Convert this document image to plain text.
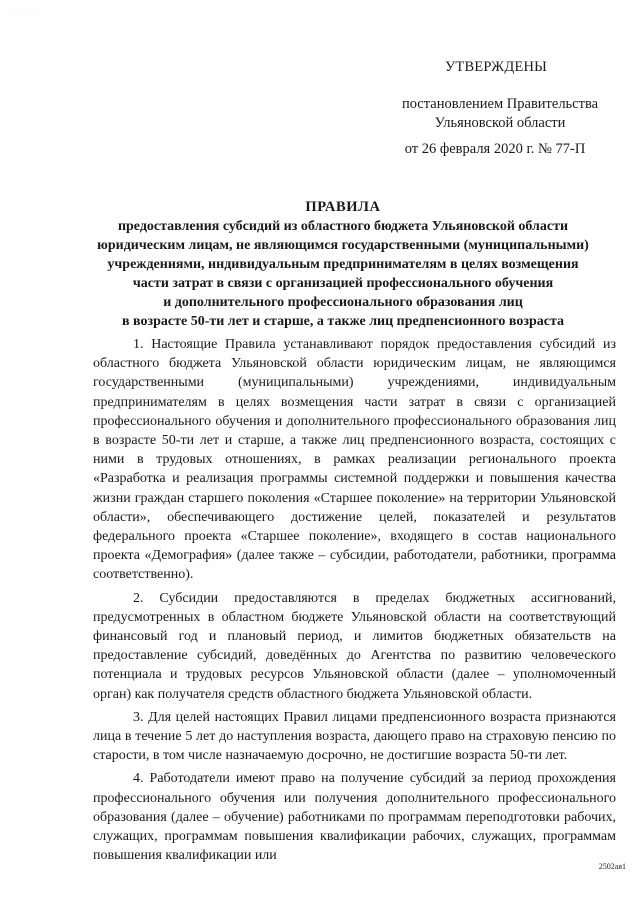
· · · ·
УТВЕРЖДЕНЫ
постановлением Правительства
Ульяновской области
от 26 февраля 2020 г. № 77-П
ПРАВИЛА
предоставления субсидий из областного бюджета Ульяновской области
юридическим лицам, не являющимся государственными (муниципальными)
учреждениями, индивидуальным предпринимателям в целях возмещения
части затрат в связи с организацией профессионального обучения
и дополнительного профессионального образования лиц
в возрасте 50-ти лет и старше, а также лиц предпенсионного возраста

1. Настоящие Правила устанавливают порядок предоставления субсидий из областного бюджета Ульяновской области юридическим лицам, не являющимся государственными (муниципальными) учреждениями, индивидуальным предпринимателям в целях возмещения части затрат в связи с организацией профессионального обучения и дополнительного профессионального образования лиц в возрасте 50-ти лет и старше, а также лиц предпенсионного возраста, состоящих с ними в трудовых отношениях, в рамках реализации регионального проекта «Разработка и реализация программы системной поддержки и повышения качества жизни граждан старшего поколения «Старшее поколение» на территории Ульяновской области», обеспечивающего достижение целей, показателей и результатов федерального проекта «Старшее поколение», входящего в состав национального проекта «Демография» (далее также – субсидии, работодатели, работники, программа соответственно).

2. Субсидии предоставляются в пределах бюджетных ассигнований, предусмотренных в областном бюджете Ульяновской области на соответствующий финансовый год и плановый период, и лимитов бюджетных обязательств на предоставление субсидий, доведённых до Агентства по развитию человеческого потенциала и трудовых ресурсов Ульяновской области (далее – уполномоченный орган) как получателя средств областного бюджета Ульяновской области.

3. Для целей настоящих Правил лицами предпенсионного возраста признаются лица в течение 5 лет до наступления возраста, дающего право на страховую пенсию по старости, в том числе назначаемую досрочно, не достигшие возраста 50-ти лет.

4. Работодатели имеют право на получение субсидий за период прохождения профессионального обучения или получения дополнительного профессионального образования (далее – обучение) работниками по программам переподготовки рабочих, служащих, программам повышения квалификации рабочих, служащих, программам повышения квалификации или

2502ая1
